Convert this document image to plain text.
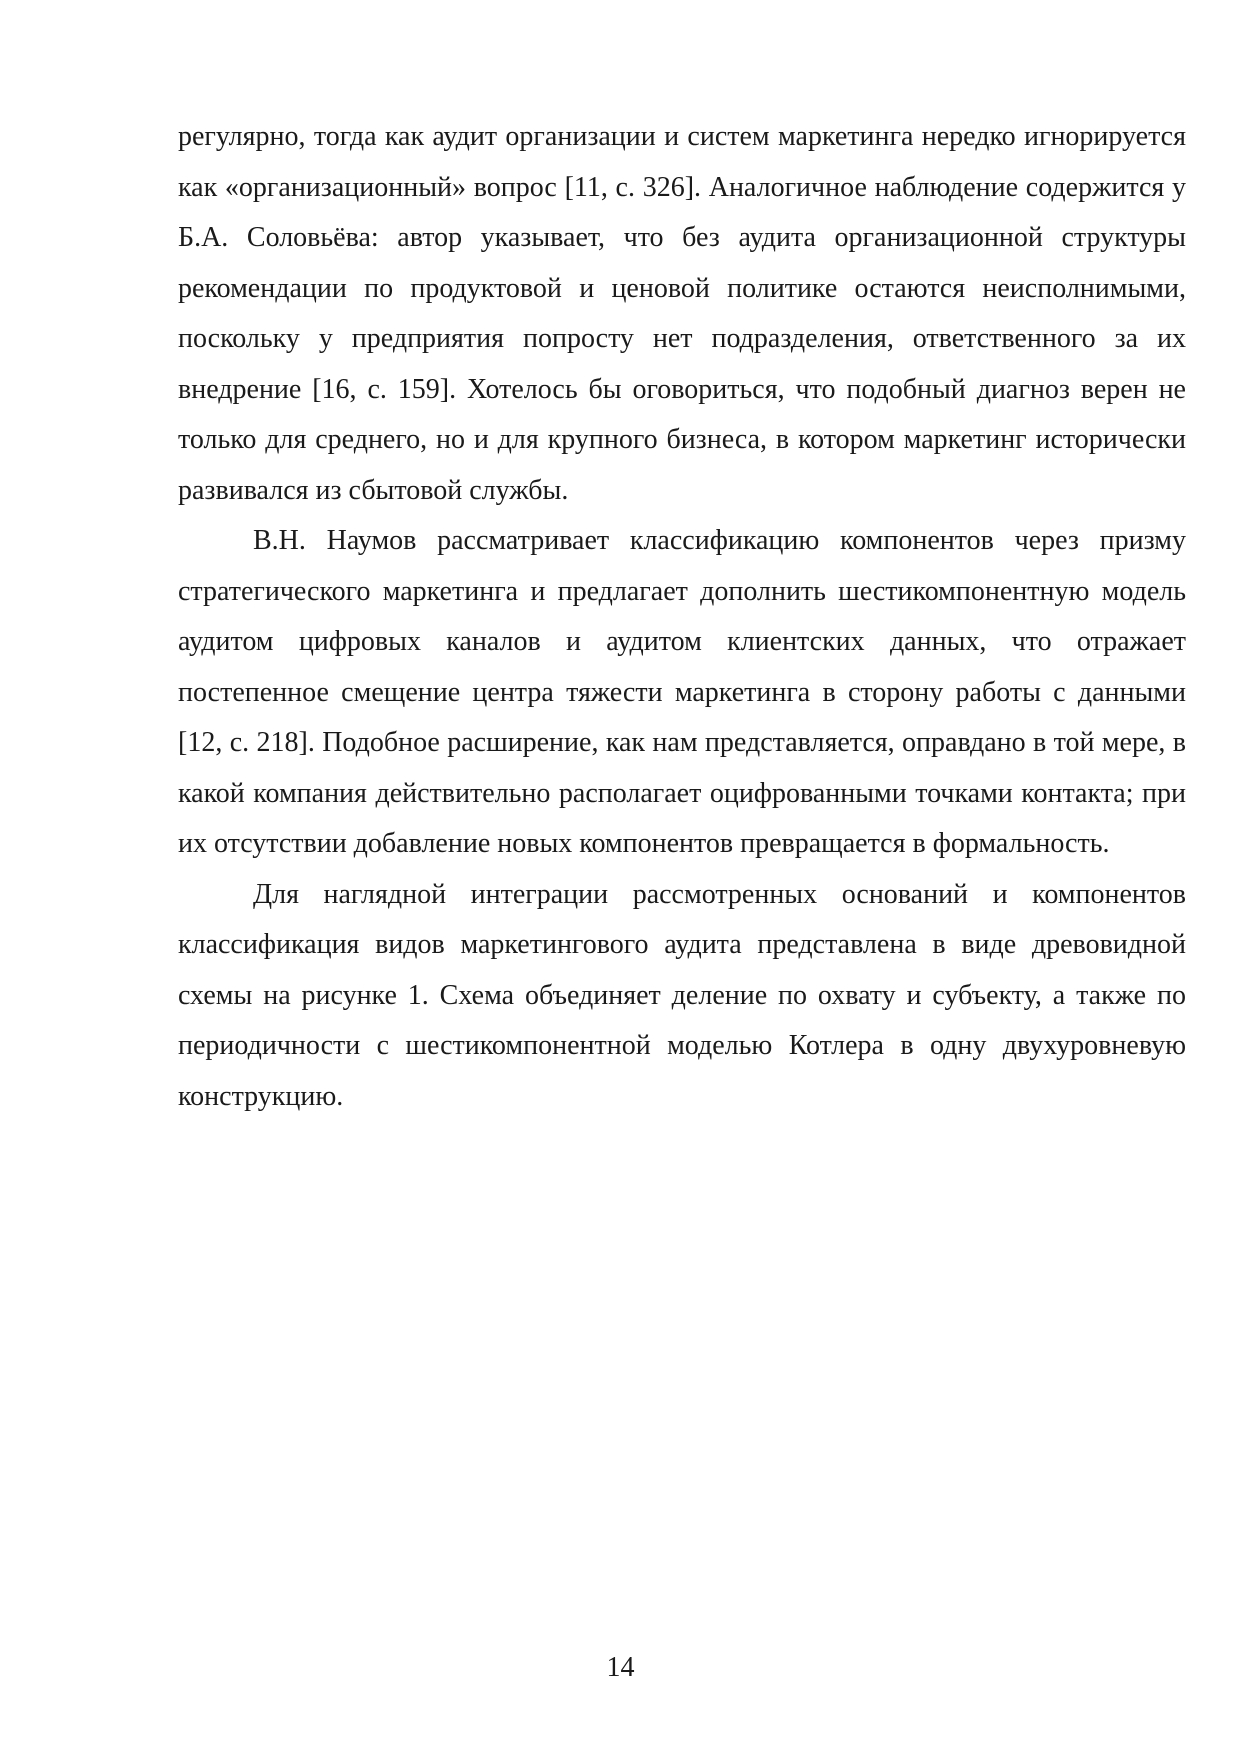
регулярно, тогда как аудит организации и систем маркетинга нередко игнорируется как «организационный» вопрос [11, с. 326]. Аналогичное наблюдение содержится у Б.А. Соловьёва: автор указывает, что без аудита организационной структуры рекомендации по продуктовой и ценовой политике остаются неисполнимыми, поскольку у предприятия попросту нет подразделения, ответственного за их внедрение [16, с. 159]. Хотелось бы оговориться, что подобный диагноз верен не только для среднего, но и для крупного бизнеса, в котором маркетинг исторически развивался из сбытовой службы.

В.Н. Наумов рассматривает классификацию компонентов через призму стратегического маркетинга и предлагает дополнить шестикомпонентную модель аудитом цифровых каналов и аудитом клиентских данных, что отражает постепенное смещение центра тяжести маркетинга в сторону работы с данными [12, с. 218]. Подобное расширение, как нам представляется, оправдано в той мере, в какой компания действительно располагает оцифрованными точками контакта; при их отсутствии добавление новых компонентов превращается в формальность.

Для наглядной интеграции рассмотренных оснований и компонентов классификация видов маркетингового аудита представлена в виде древовидной схемы на рисунке 1. Схема объединяет деление по охвату и субъекту, а также по периодичности с шестикомпонентной моделью Котлера в одну двухуровневую конструкцию.

14
